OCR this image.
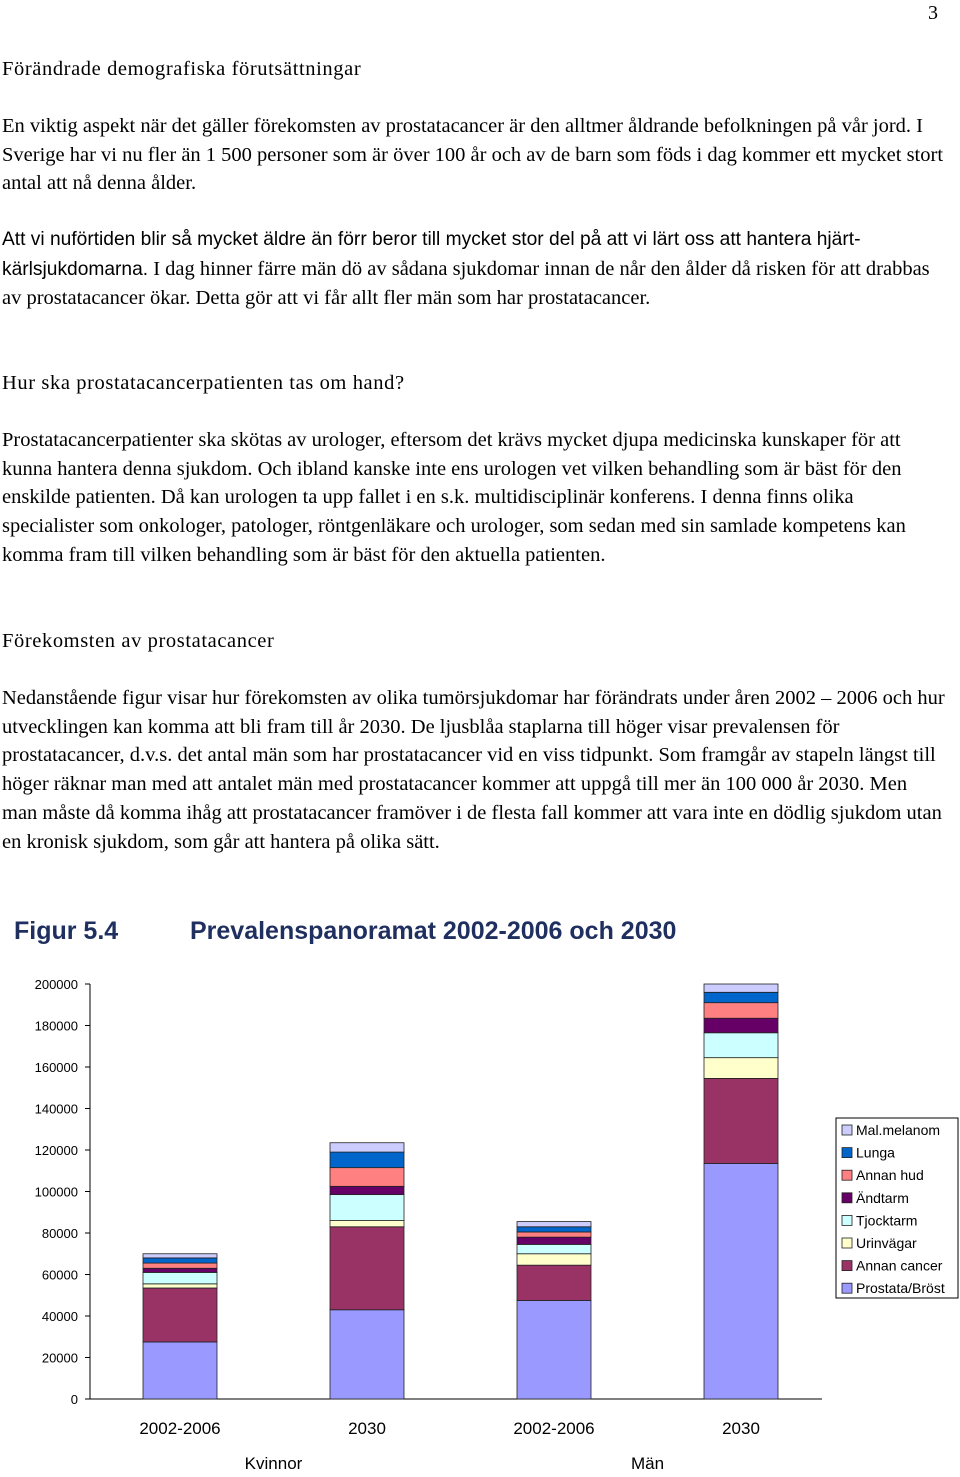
3
Förändrade demografiska förutsättningar

En viktig aspekt när det gäller förekomsten av prostatacancer är den alltmer åldrande befolkningen på vår jord. I Sverige har vi nu fler än 1 500 personer som är över 100 år och av de barn som föds i dag kommer ett mycket stort antal att nå denna ålder.

Att vi nuförtiden blir så mycket äldre än förr beror till mycket stor del på att vi lärt oss att hantera hjärt-kärlsjukdomarna. I dag hinner färre män dö av sådana sjukdomar innan de når den ålder då risken för att drabbas av prostatacancer ökar. Detta gör att vi får allt fler män som har prostatacancer.

Hur ska prostatacancerpatienten tas om hand?

Prostatacancerpatienter ska skötas av urologer, eftersom det krävs mycket djupa medicinska kunskaper för att kunna hantera denna sjukdom. Och ibland kanske inte ens urologen vet vilken behandling som är bäst för den enskilde patienten. Då kan urologen ta upp fallet i en s.k. multidisciplinär konferens. I denna finns olika specialister som onkologer, patologer, röntgenläkare och urologer, som sedan med sin samlade kompetens kan komma fram till vilken behandling som är bäst för den aktuella patienten.

Förekomsten av prostatacancer

Nedanstående figur visar hur förekomsten av olika tumörsjukdomar har förändrats under åren 2002 – 2006 och hur utvecklingen kan komma att bli fram till år 2030. De ljusblåa staplarna till höger visar prevalensen för prostatacancer, d.v.s. det antal män som har prostatacancer vid en viss tidpunkt. Som framgår av stapeln längst till höger räknar man med att antalet män med prostatacancer kommer att uppgå till mer än 100 000 år 2030. Men man måste då komma ihåg att prostatacancer framöver i de flesta fall kommer att vara inte en dödlig sjukdom utan en kronisk sjukdom, som går att hantera på olika sätt.

Figur 5.4	Prevalenspanoramat 2002-2006 och 2030
0
20000
40000
60000
80000
100000
120000
140000
160000
180000
200000
Mal.melanom
Lunga
Annan hud
Ändtarm
Tjocktarm
Urinvägar
Annan cancer
Prostata/Bröst
2002-2006	2030	2002-2006	2030
Kvinnor	Män
